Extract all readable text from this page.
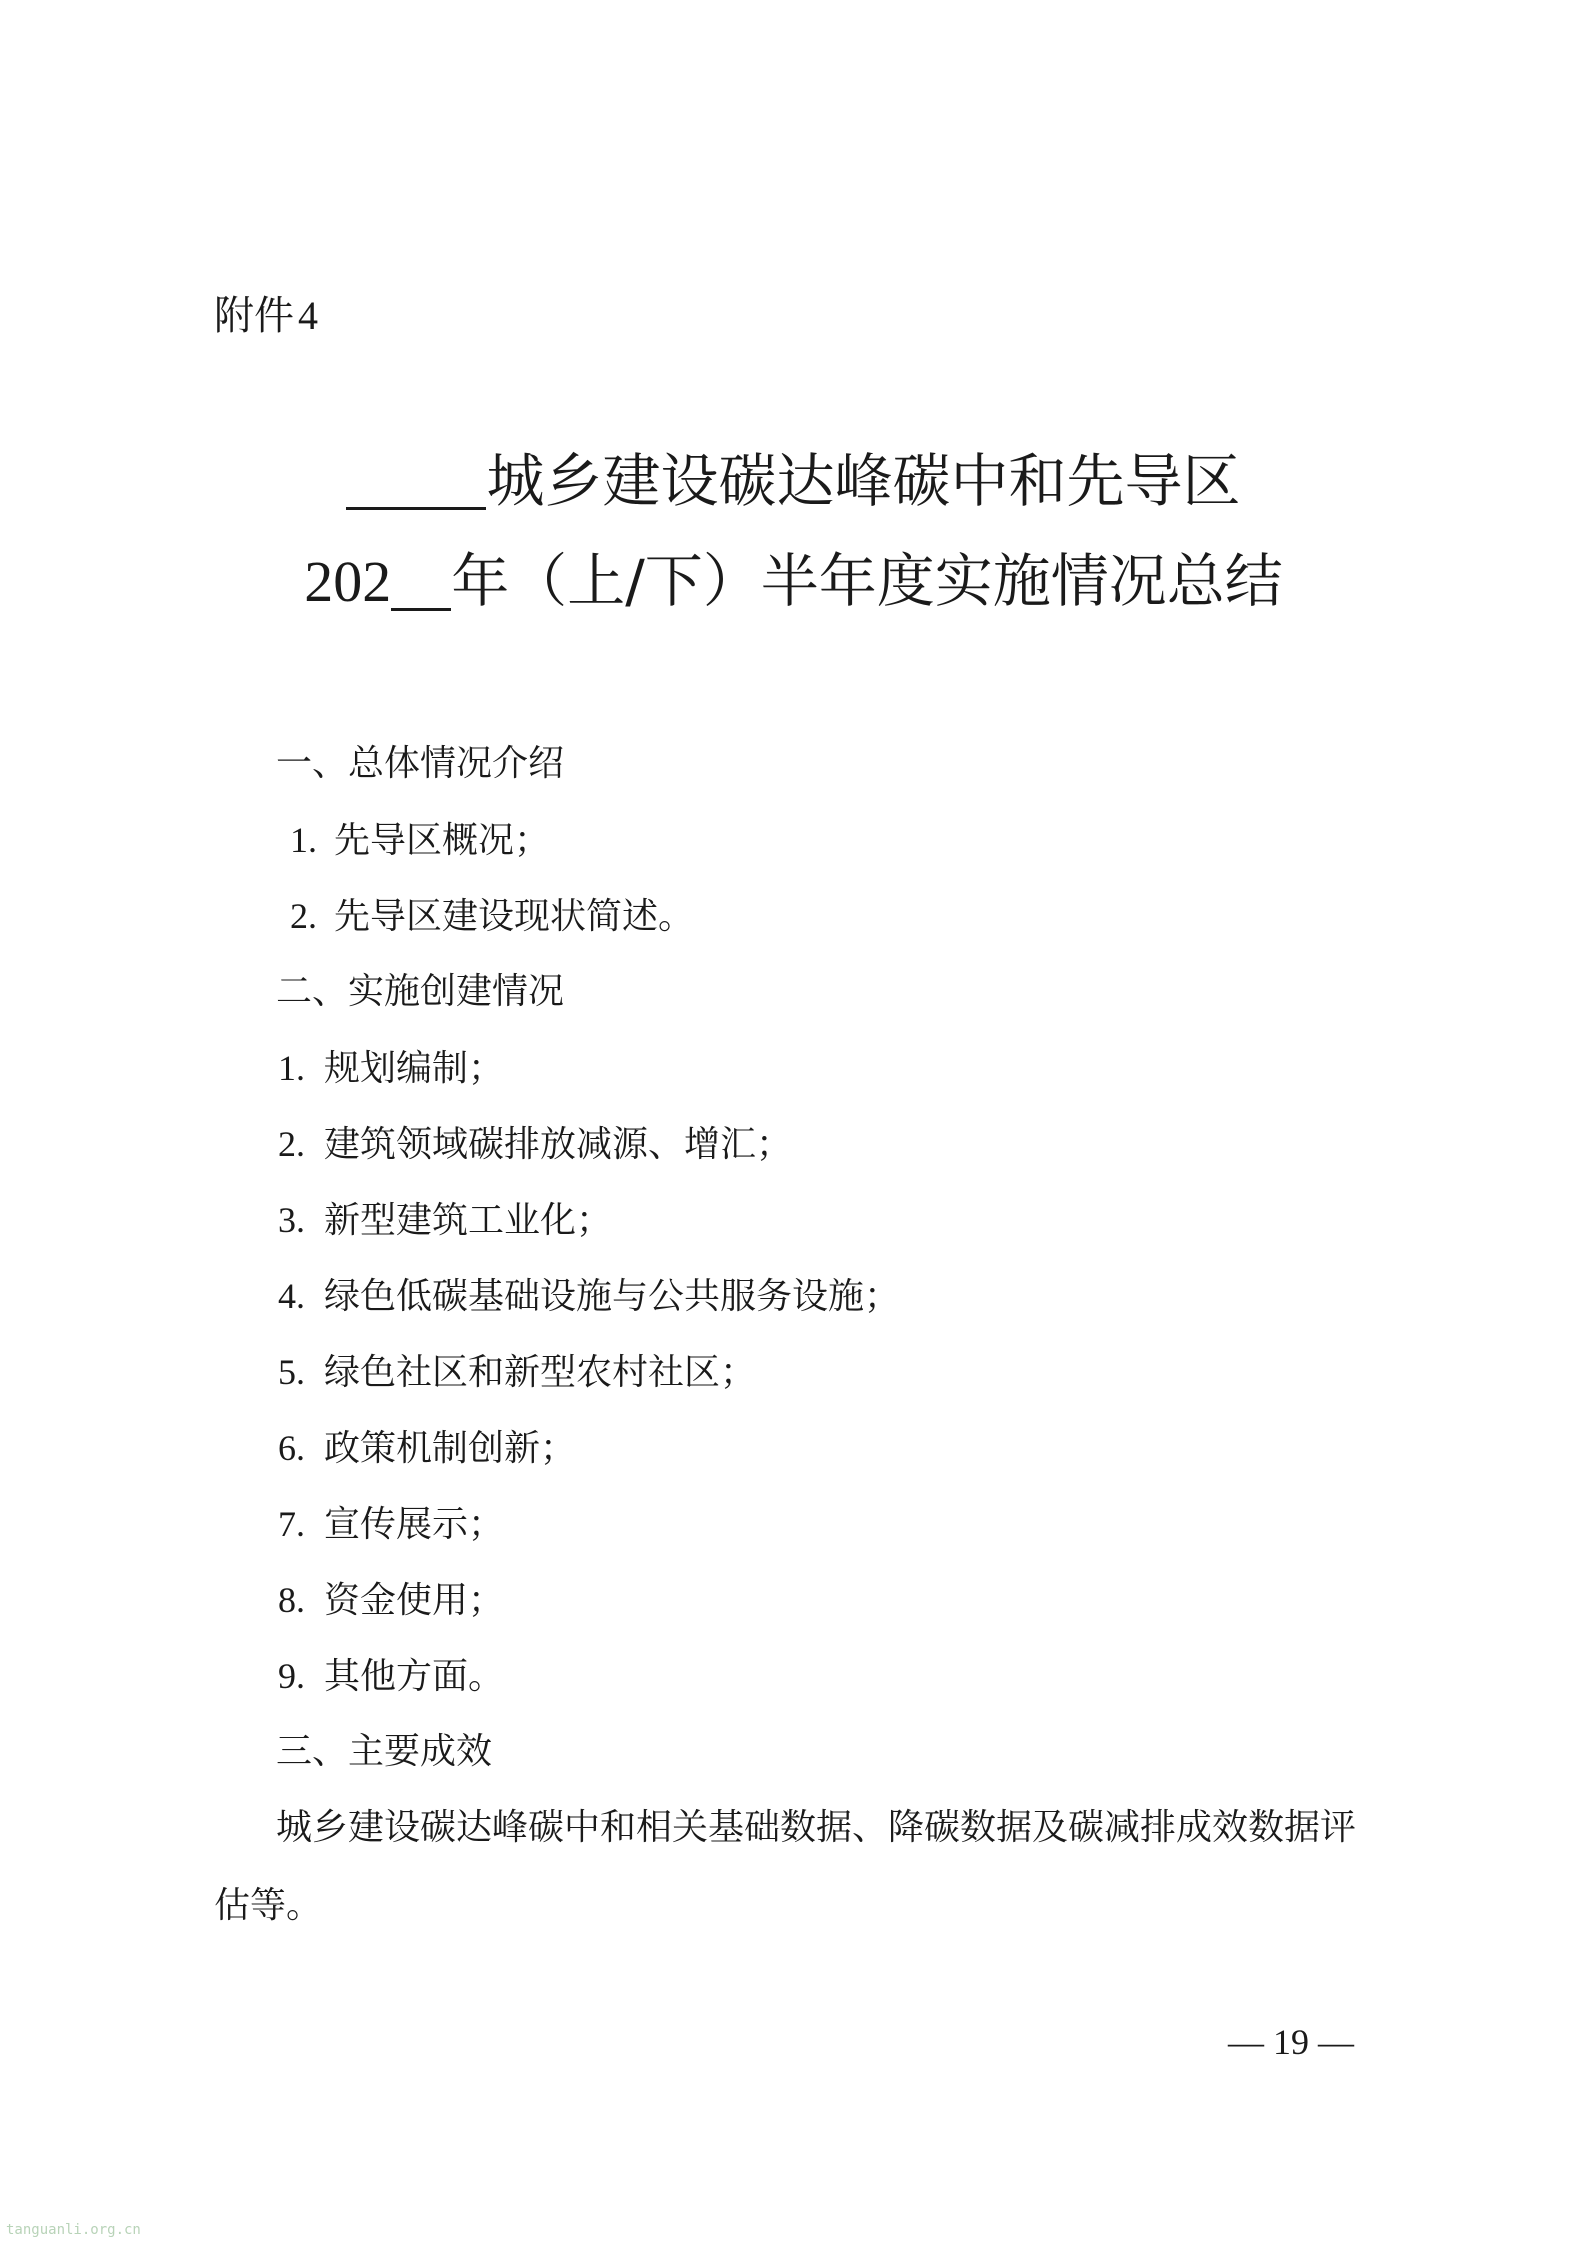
附件 4
城乡建设碳达峰碳中和先导区
202 年（上/下）半年度实施情况总结
一、总体情况介绍
1. 先导区概况；
2. 先导区建设现状简述。
二、实施创建情况
1. 规划编制；
2. 建筑领域碳排放减源、增汇；
3. 新型建筑工业化；
4. 绿色低碳基础设施与公共服务设施；
5. 绿色社区和新型农村社区；
6. 政策机制创新；
7. 宣传展示；
8. 资金使用；
9. 其他方面。
三、主要成效
城乡建设碳达峰碳中和相关基础数据、降碳数据及碳减排成效数据评
估等。
— 19 —
tanguanli.org.cn
